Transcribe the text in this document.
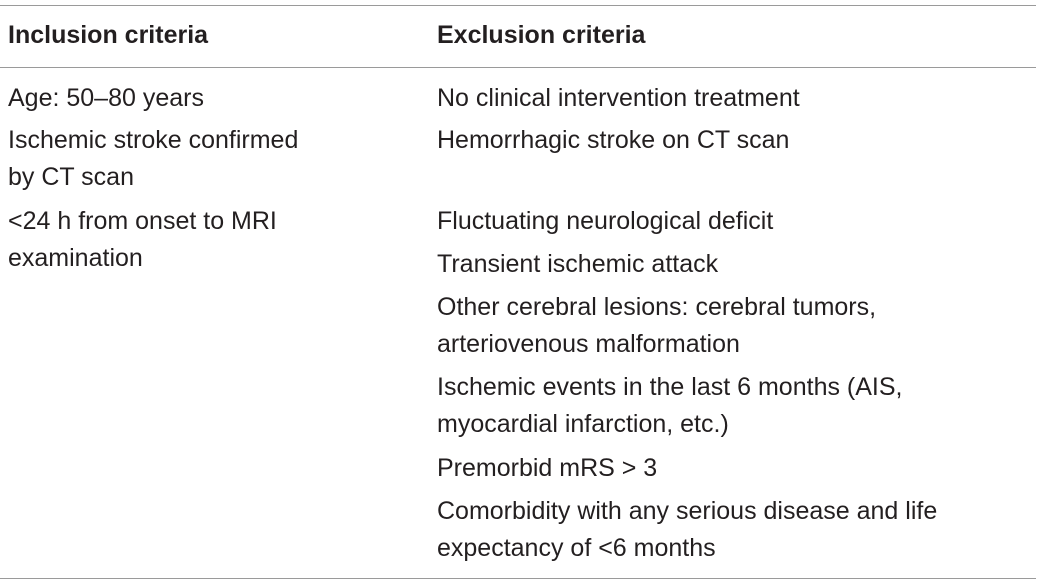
Inclusion criteria	Exclusion criteria
Age: 50–80 years
Ischemic stroke confirmed by CT scan
<24 h from onset to MRI examination
No clinical intervention treatment
Hemorrhagic stroke on CT scan
Fluctuating neurological deficit
Transient ischemic attack
Other cerebral lesions: cerebral tumors, arteriovenous malformation
Ischemic events in the last 6 months (AIS, myocardial infarction, etc.)
Premorbid mRS > 3
Comorbidity with any serious disease and life expectancy of <6 months
